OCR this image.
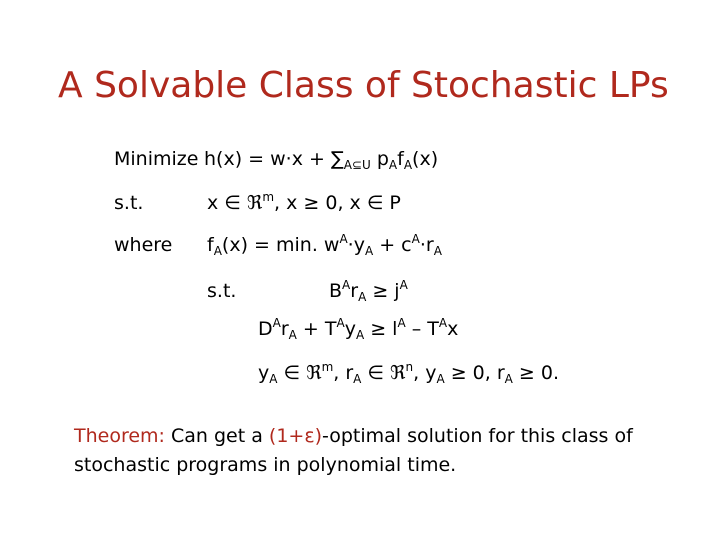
A Solvable Class of Stochastic LPs
Minimize $h(x) = w\cdot x + \sum_{A⊆U}$ $p_Af_A(x)$
s.t.	x ∈ ℜ$^m$, x ≥ 0, x ∈ P
where $f_A(x) = \min$. $w^A\cdot y_A + c^A\cdot r_A$
s.t.	$B^Ar_A \ge j^A$
$D^Ar_A + T^Ay_A \ge l^A - T^Ax$
$y_A$ ∈ ℜ$^m$, $r_A$ ∈ ℜ$^n$, $y_A \ge 0$, $r_A \ge 0$.
Theorem: Can get a (1+ε)-optimal solution for this class of stochastic programs in polynomial time.
